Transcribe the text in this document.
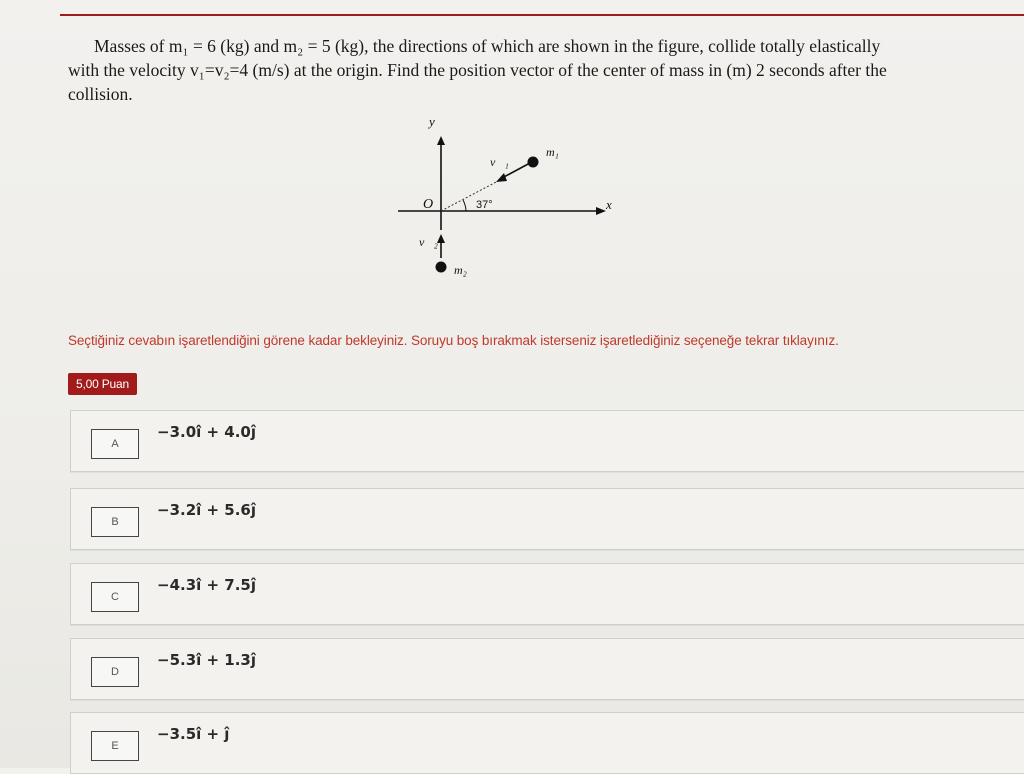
Masses of m₁ = 6 (kg) and m₂ = 5 (kg), the directions of which are shown in the figure, collide totally elastically with the velocity v₁=v₂=4 (m/s) at the origin. Find the position vector of the center of mass in (m) 2 seconds after the collision.
y
x
O
v⃗₁
m₁
37°
v⃗₂
m₂
Seçtiğiniz cevabın işaretlendiğini görene kadar bekleyiniz. Soruyu boş bırakmak isterseniz işaretlediğiniz seçeneğe tekrar tıklayınız.
5,00 Puan
A
−3.0î + 4.0ĵ
B
−3.2î + 5.6ĵ
C
−4.3î + 7.5ĵ
D
−5.3î + 1.3ĵ
E
−3.5î + ĵ
